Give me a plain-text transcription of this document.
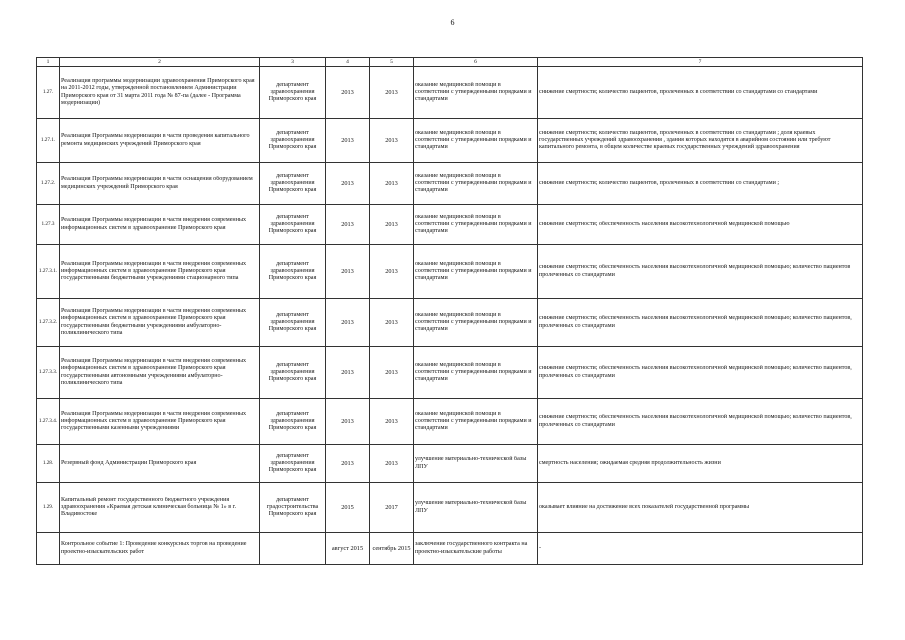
6
1	2	3	4	5	6	7

1.27.	Реализация программы модернизации здравоохранения Приморского края на 2011-2012 годы, утвержденной постановлением Администрации Приморского края от 31 марта 2011 года № 87-па (далее - Программа модернизации)	департамент здравоохранения Приморского края	2013	2013	оказание медицинской помощи в соответствии с утвержденными порядками и стандартами	снижение смертности; количество пациентов, пролеченных в соответствии со стандартами со стандартами

1.27.1.	Реализация Программы модернизации в части проведения капитального ремонта медицинских учреждений Приморского края	департамент здравоохранения Приморского края	2013	2013	оказание медицинской помощи в соответствии с утвержденными порядками и стандартами	снижение смертности; количество пациентов, пролеченных в соответствии со стандартами ; доля краевых государственных учреждений здравоохранения , здания которых находятся в аварийном состоянии или требуют капитального ремонта, в общем количестве краевых государственных учреждений здравоохранения

1.27.2.	Реализация Программы модернизации в части оснащения оборудованием медицинских учреждений Приморского края	департамент здравоохранения Приморского края	2013	2013	оказание медицинской помощи в соответствии с утвержденными порядками и стандартами	снижение смертности; количество пациентов, пролеченных в соответствии со стандартами ;

1.27.3	Реализация Программы модернизации в части внедрения современных информационных систем в здравоохранение Приморского края	департамент здравоохранения Приморского края	2013	2013	оказание медицинской помощи в соответствии с утвержденными порядками и стандартами	снижение смертности; обеспеченность населения высокотехнологичной медицинской помощью

1.27.3.1.	Реализация Программы модернизации в части внедрения современных информационных систем в здравоохранение Приморского края государственными бюджетными учреждениями стационарного типа	департамент здравоохранения Приморского края	2013	2013	оказание медицинской помощи в соответствии с утвержденными порядками и стандартами	снижение смертности; обеспеченность населения высокотехнологичной медицинской помощью; количество пациентов пролеченных со стандартами

1.27.3.2.	Реализация Программы модернизации в части внедрения современных информационных систем в здравоохранение Приморского края государственными бюджетными учреждениями амбулаторно-поликлинического типа	департамент здравоохранения Приморского края	2013	2013	оказание медицинской помощи в соответствии с утвержденными порядками и стандартами	снижение смертности; обеспеченность населения высокотехнологичной медицинской помощью; количество пациентов, пролеченных со стандартами

1.27.3.3.	Реализация Программы модернизации в части внедрения современных информационных систем в здравоохранение Приморского края государственными автономными учреждениями амбулаторно-поликлинического типа	департамент здравоохранения Приморского края	2013	2013	оказание медицинской помощи в соответствии с утвержденными порядками и стандартами	снижение смертности; обеспеченность населения высокотехнологичной медицинской помощью; количество пациентов, пролеченных со стандартами

1.27.3.4.	Реализация Программы модернизации в части внедрения современных информационных систем в здравоохранение Приморского края государственными казенными учреждениями	департамент здравоохранения Приморского края	2013	2013	оказание медицинской помощи в соответствии с утвержденными порядками и стандартами	снижение смертности; обеспеченность населения высокотехнологичной медицинской помощью; количество пациентов, пролеченных со стандартами

1.28.	Резервный фонд Администрации Приморского края	департамент здравоохранения Приморского края	2013	2013	улучшение материально-технической базы ЛПУ	смертность населения; ожидаемая средняя продолжительность жизни

1.29.	Капитальный ремонт государственного бюджетного учреждения здравоохранения «Краевая детская клиническая больница № 1» в г. Владивостоке	департамент градостроительства Приморского края	2015	2017	улучшение материально-технической базы ЛПУ	оказывает влияние на достижение всех показателей государственной программы

	Контрольное событие 1: Проведение конкурсных торгов на проведение проектно-изыскательских работ		август 2015	сентябрь 2015	заключение государственного контракта на проектно-изыскательские работы	-
